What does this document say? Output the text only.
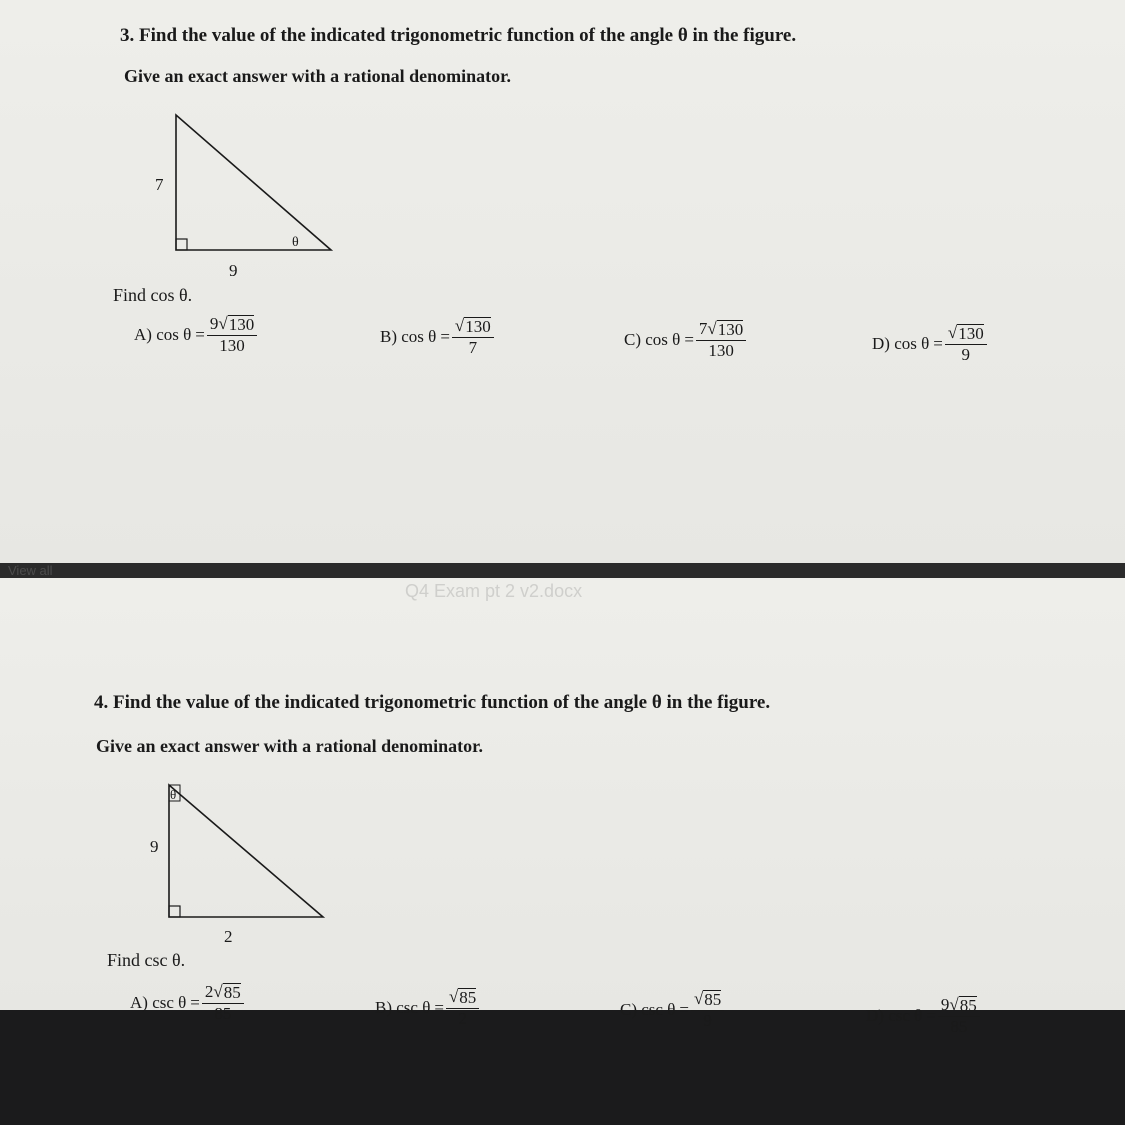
3. Find the value of the indicated trigonometric function of the angle θ in the figure.
Give an exact answer with a rational denominator.
7
9
θ
Find cos θ.
A) $\cos \theta = \frac{9 √ 130}{130}$	B) $\cos \theta = \frac{√ 130}{7}$	C) $\cos \theta = \frac{7 √ 130}{130}$	D) $\cos \theta = \frac{√ 130}{9}$
View all
θ
9
2
4. Find the value of the indicated trigonometric function of the angle θ in the figure.
Give an exact answer with a rational denominator.
Find csc θ.
A) $\csc \theta = \frac{2 √ 85}{85}$	B) $\csc \theta = \frac{√ 85}{2}$	C) $\csc \theta = \frac{√ 85}{9}$	D) $\csc \theta = \frac{9 √ 85}{85}$
Q4 Exam pt 2 v2.docx
